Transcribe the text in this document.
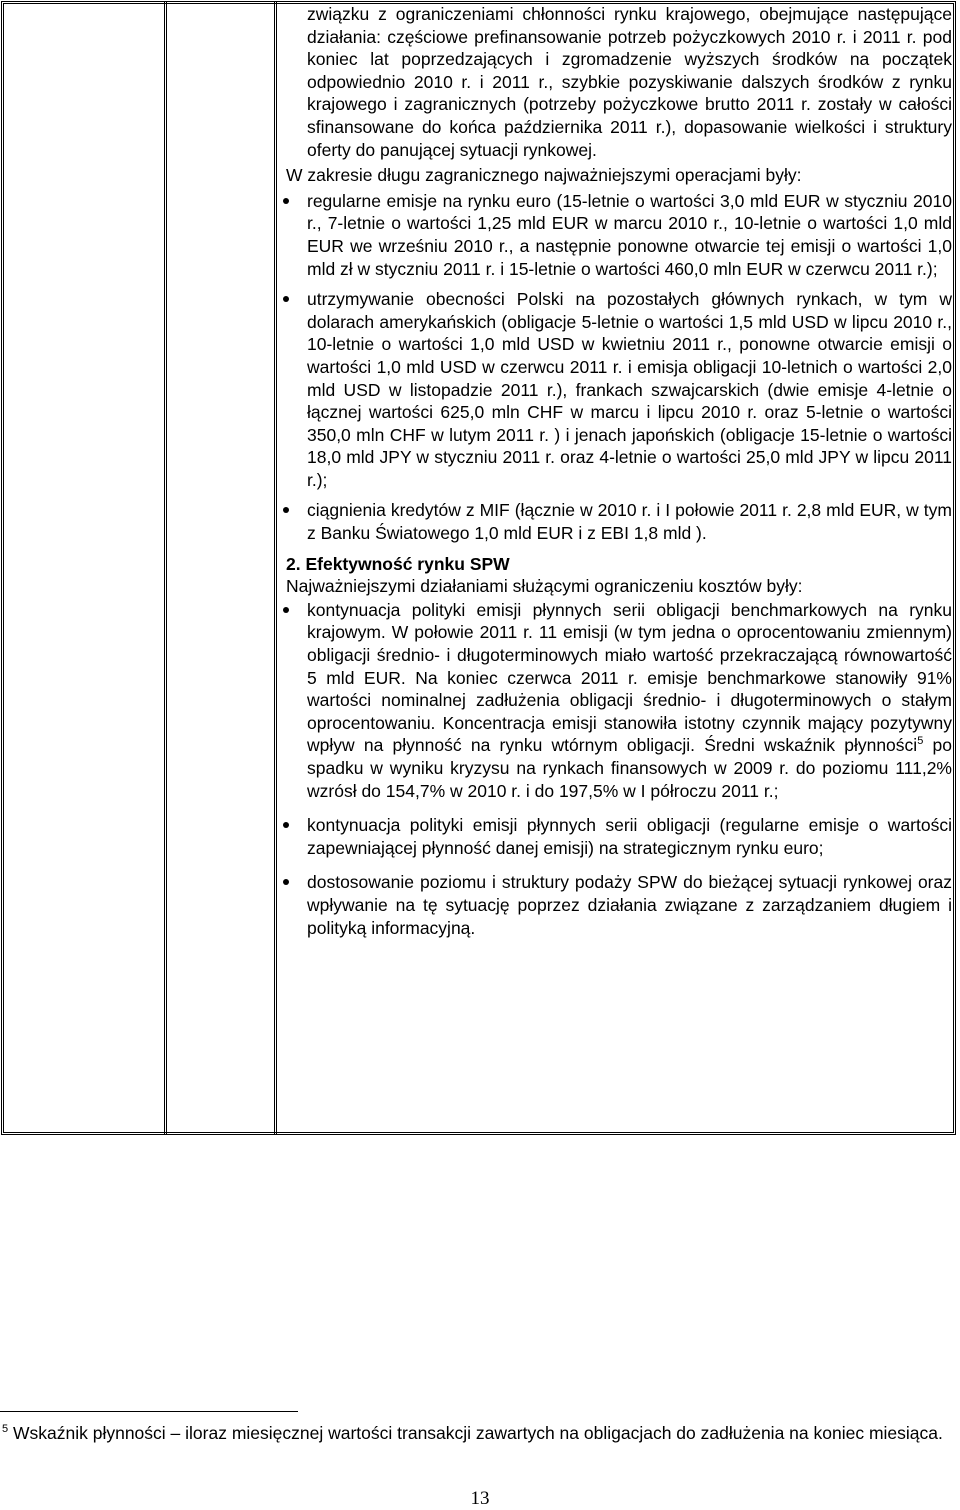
związku z ograniczeniami chłonności rynku krajowego, obejmujące następujące działania: częściowe prefinansowanie potrzeb pożyczkowych 2010 r. i 2011 r. pod koniec lat poprzedzających i zgromadzenie wyższych środków na początek odpowiednio 2010 r. i 2011 r., szybkie pozyskiwanie dalszych środków z rynku krajowego i zagranicznych (potrzeby pożyczkowe brutto 2011 r. zostały w całości sfinansowane do końca października 2011 r.), dopasowanie wielkości i struktury oferty do panującej sytuacji rynkowej.

W zakresie długu zagranicznego najważniejszymi operacjami były:

regularne emisje na rynku euro (15-letnie o wartości 3,0 mld EUR w styczniu 2010 r., 7-letnie o wartości 1,25 mld EUR w marcu 2010 r., 10-letnie o wartości 1,0 mld EUR we wrześniu 2010 r., a następnie ponowne otwarcie tej emisji o wartości 1,0 mld zł w styczniu 2011 r. i 15-letnie o wartości 460,0 mln EUR w czerwcu 2011 r.);
utrzymywanie obecności Polski na pozostałych głównych rynkach, w tym w dolarach amerykańskich (obligacje 5-letnie o wartości 1,5 mld USD w lipcu 2010 r., 10-letnie o wartości 1,0 mld USD w kwietniu 2011 r., ponowne otwarcie emisji o wartości 1,0 mld USD w czerwcu 2011 r. i emisja obligacji 10-letnich o wartości 2,0 mld USD w listopadzie 2011 r.), frankach szwajcarskich (dwie emisje 4-letnie o łącznej wartości 625,0 mln CHF w marcu i lipcu 2010 r. oraz 5-letnie o wartości 350,0 mln CHF w lutym 2011 r. ) i jenach japońskich (obligacje 15-letnie o wartości 18,0 mld JPY w styczniu 2011 r. oraz 4-letnie o wartości 25,0 mld JPY w lipcu 2011 r.);
ciągnienia kredytów z MIF (łącznie w 2010 r. i I połowie 2011 r. 2,8 mld EUR, w tym z Banku Światowego 1,0 mld EUR i z EBI 1,8 mld ).
2. Efektywność rynku SPW

Najważniejszymi działaniami służącymi ograniczeniu kosztów były:

kontynuacja polityki emisji płynnych serii obligacji benchmarkowych na rynku krajowym. W połowie 2011 r. 11 emisji (w tym jedna o oprocentowaniu zmiennym) obligacji średnio- i długoterminowych miało wartość przekraczającą równowartość 5 mld EUR. Na koniec czerwca 2011 r. emisje benchmarkowe stanowiły 91% wartości nominalnej zadłużenia obligacji średnio- i długoterminowych o stałym oprocentowaniu. Koncentracja emisji stanowiła istotny czynnik mający pozytywny wpływ na płynność na rynku wtórnym obligacji. Średni wskaźnik płynności$^5$ po spadku w wyniku kryzysu na rynkach finansowych w 2009 r. do poziomu 111,2% wzrósł do 154,7% w 2010 r. i do 197,5% w I półroczu 2011 r.;
kontynuacja polityki emisji płynnych serii obligacji (regularne emisje o wartości zapewniającej płynność danej emisji) na strategicznym rynku euro;
dostosowanie poziomu i struktury podaży SPW do bieżącej sytuacji rynkowej oraz wpływanie na tę sytuację poprzez działania związane z zarządzaniem długiem i polityką informacyjną.
$^5$ Wskaźnik płynności – iloraz miesięcznej wartości transakcji zawartych na obligacjach do zadłużenia na koniec miesiąca.
13
